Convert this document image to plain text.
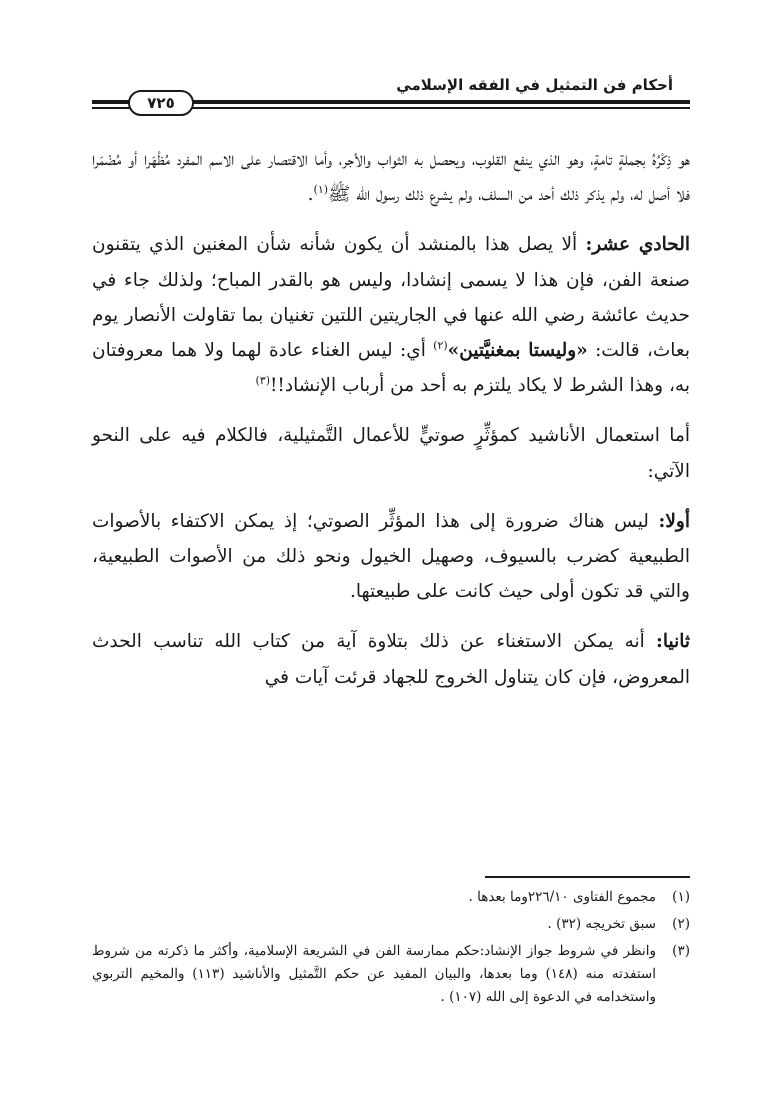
أحكام فن التمثيل في الفقه الإسلامي
٧٢٥

هو ذِكْرُهُ بجملةٍ تامةٍ، وهو الذي ينفع القلوب، ويحصل به الثواب والأجر، وأما الاقتصار على الاسم المفرد مُظْهَرا أو مُضْمَرا فلا أصل له، ولم يذكر ذلك أحد من السلف، ولم يشرع ذلك رسول الله ﷺ$^{(١)}$.

الحادي عشر: ألا يصل هذا بالمنشد أن يكون شأنه شأن المغنين الذي يتقنون صنعة الفن، فإن هذا لا يسمى إنشادا، وليس هو بالقدر المباح؛ ولذلك جاء في حديث عائشة رضي الله عنها في الجاريتين اللتين تغنيان بما تقاولت الأنصار يوم بعاث، قالت: «وليستا بمغنيَّتين»$^{(٢)}$ أي: ليس الغناء عادة لهما ولا هما معروفتان به، وهذا الشرط لا يكاد يلتزم به أحد من أرباب الإنشاد!!$^{(٣)}$

أما استعمال الأناشيد كمؤثِّرٍ صوتيٍّ للأعمال التَّمثيلية، فالكلام فيه على النحو الآتي:

أولا: ليس هناك ضرورة إلى هذا المؤثِّر الصوتي؛ إذ يمكن الاكتفاء بالأصوات الطبيعية كضرب بالسيوف، وصهيل الخيول ونحو ذلك من الأصوات الطبيعية، والتي قد تكون أولى حيث كانت على طبيعتها.

ثانيا: أنه يمكن الاستغناء عن ذلك بتلاوة آية من كتاب الله تناسب الحدث المعروض، فإن كان يتناول الخروج للجهاد قرئت آيات في

(١)
مجموع الفتاوى ٢٢٦/١٠وما بعدها .
(٢)
سبق تخريجه (٣٢) .
(٣)
وانظر في شروط جواز الإنشاد:حكم ممارسة الفن في الشريعة الإسلامية، وأكثر ما ذكرته من شروط استفدته منه (١٤٨) وما بعدها، والبيان المفيد عن حكم التَّمثيل والأناشيد (١١٣) والمخيم التربوي واستخدامه في الدعوة إلى الله (١٠٧) .
